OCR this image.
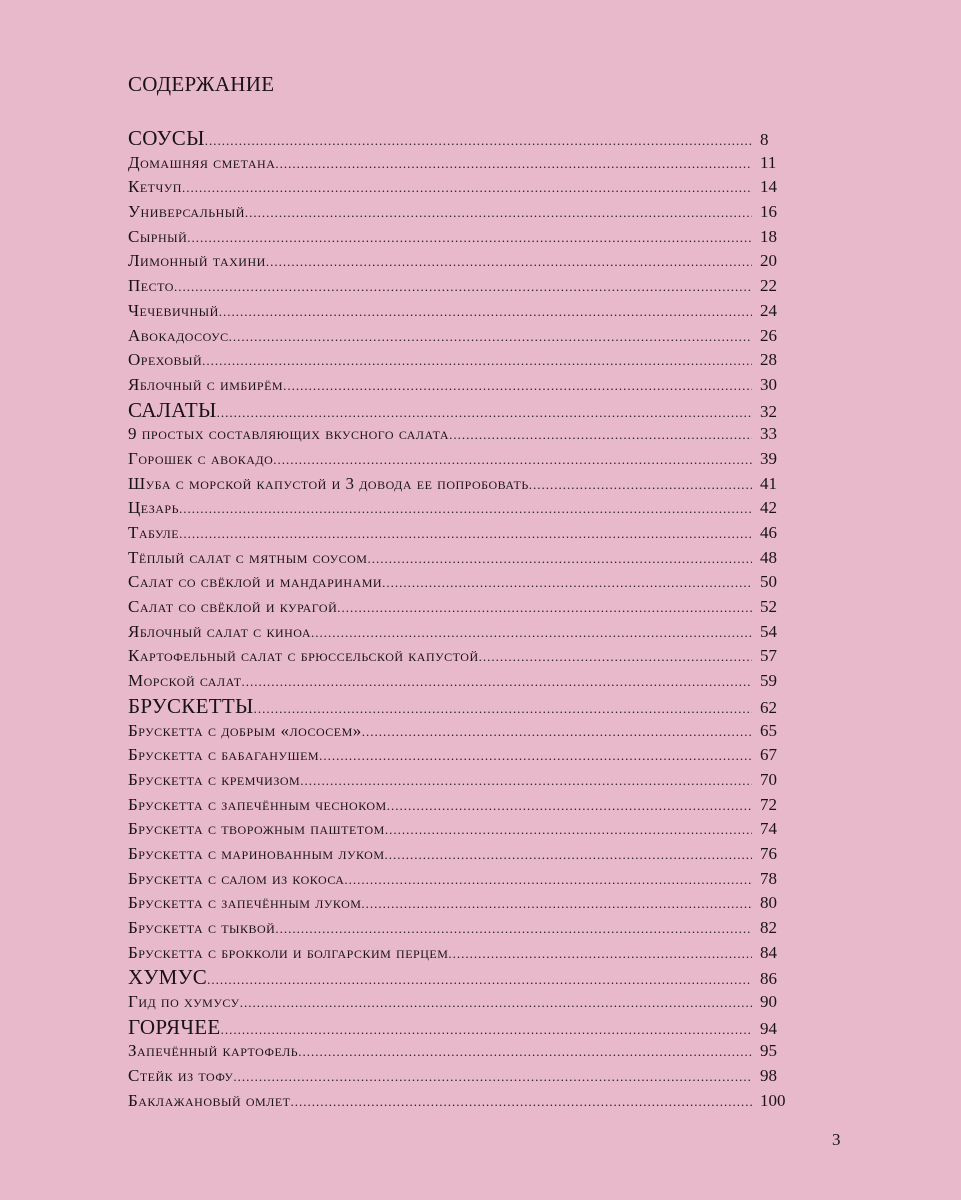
СОДЕРЖАНИЕ
СОУСЫ .....	8
Домашняя сметана .....	11
Кетчуп .....	14
Универсальный .....	16
Сырный .....	18
Лимонный тахини .....	20
Песто .....	22
Чечевичный .....	24
Авокадосоус .....	26
Ореховый .....	28
Яблочный с имбирём .....	30
САЛАТЫ .....	32
9 простых составляющих вкусного салата .....	33
Горошек с авокадо .....	39
Шуба с морской капустой и 3 довода ее попробовать .....	41
Цезарь .....	42
Табуле .....	46
Тёплый салат с мятным соусом .....	48
Салат со свёклой и мандаринами .....	50
Салат со свёклой и курагой .....	52
Яблочный салат с киноа .....	54
Картофельный салат с брюссельской капустой .....	57
Морской салат .....	59
БРУСКЕТТЫ .....	62
Брускетта с добрым «лососем» .....	65
Брускетта с бабаганушем .....	67
Брускетта с кремчизом .....	70
Брускетта с запечённым чесноком .....	72
Брускетта с творожным паштетом .....	74
Брускетта с маринованным луком .....	76
Брускетта с салом из кокоса .....	78
Брускетта с запечённым луком .....	80
Брускетта с тыквой .....	82
Брускетта с брокколи и болгарским перцем .....	84
ХУМУС .....	86
Гид по хумусу .....	90
ГОРЯЧЕЕ .....	94
Запечённый картофель .....	95
Стейк из тофу .....	98
Баклажановый омлет .....	100
3
